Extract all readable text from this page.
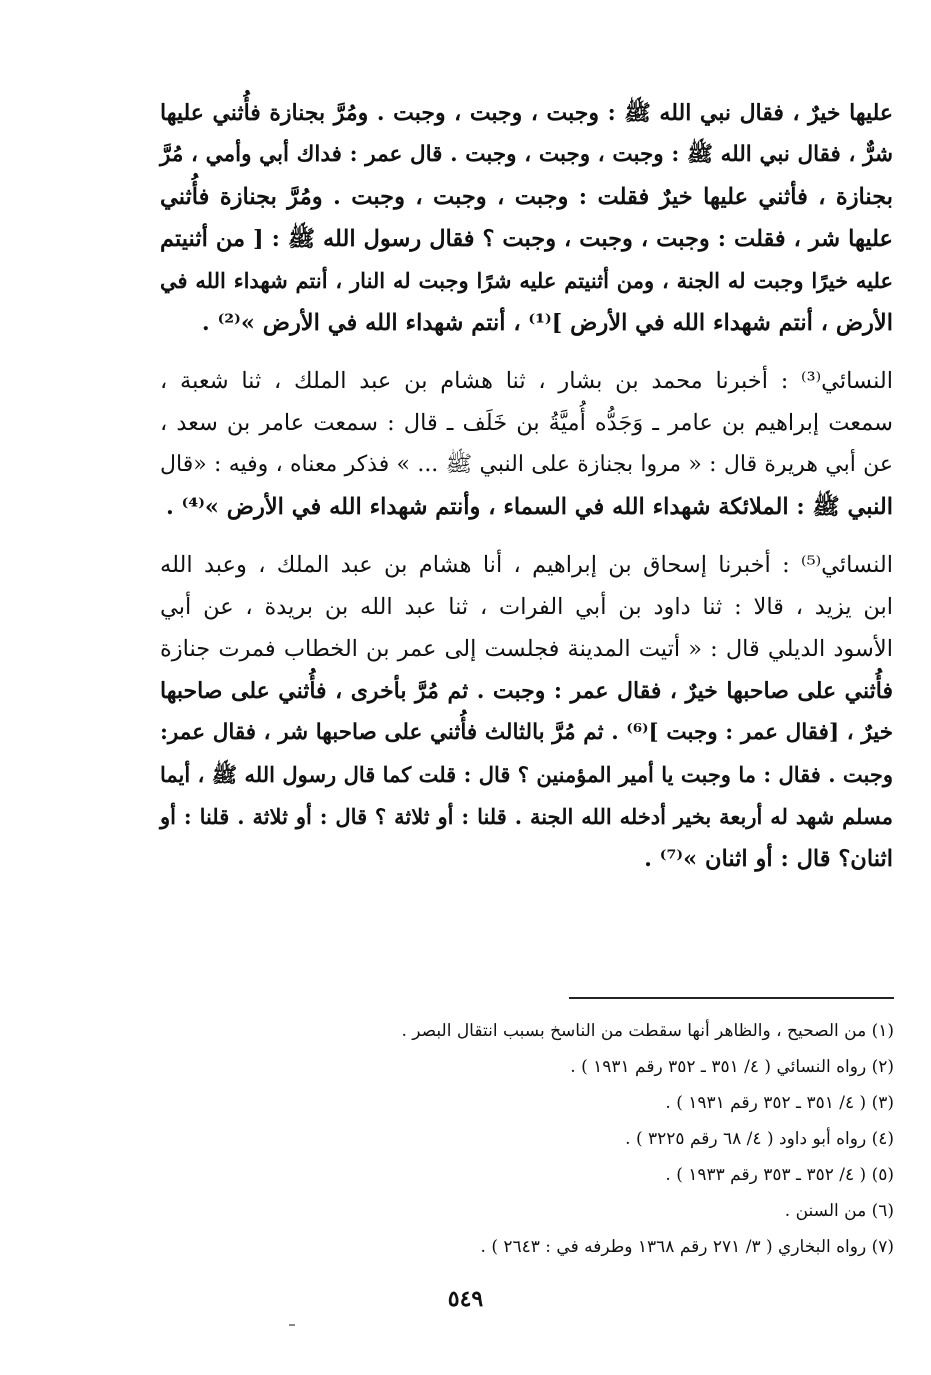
عليها خيرٌ ، فقال نبي الله ﷺ : وجبت ، وجبت ، وجبت . ومُرَّ بجنازة فأُثني عليها
شرٌّ ، فقال نبي الله ﷺ : وجبت ، وجبت ، وجبت . قال عمر : فداك أبي وأمي ، مُرَّ
بجنازة ، فأثني عليها خيرٌ فقلت : وجبت ، وجبت ، وجبت . ومُرَّ بجنازة فأُثني
عليها شر ، فقلت : وجبت ، وجبت ، وجبت ؟ فقال رسول الله ﷺ : [ من أثنيتم
عليه خيرًا وجبت له الجنة ، ومن أثنيتم عليه شرًا وجبت له النار ، أنتم شهداء الله في
الأرض ، أنتم شهداء الله في الأرض ]⁽¹⁾ ، أنتم شهداء الله في الأرض »⁽²⁾ .
النسائي⁽³⁾ : أخبرنا محمد بن بشار ، ثنا هشام بن عبد الملك ، ثنا شعبة ،
سمعت إبراهيم بن عامر ـ وَجَدُّه أُميَّةُ بن خَلَف ـ قال : سمعت عامر بن سعد ،
عن أبي هريرة قال : « مروا بجنازة على النبي ﷺ ... » فذكر معناه ، وفيه : «قال
النبي ﷺ : الملائكة شهداء الله في السماء ، وأنتم شهداء الله في الأرض »⁽⁴⁾ .
النسائي⁽⁵⁾ : أخبرنا إسحاق بن إبراهيم ، أنا هشام بن عبد الملك ، وعبد الله
ابن يزيد ، قالا : ثنا داود بن أبي الفرات ، ثنا عبد الله بن بريدة ، عن أبي
الأسود الديلي قال : « أتيت المدينة فجلست إلى عمر بن الخطاب فمرت جنازة
فأُثني على صاحبها خيرٌ ، فقال عمر : وجبت . ثم مُرَّ بأخرى ، فأُثني على صاحبها
خيرٌ ، [فقال عمر : وجبت ]⁽⁶⁾ . ثم مُرَّ بالثالث فأُثني على صاحبها شر ، فقال عمر:
وجبت . فقال : ما وجبت يا أمير المؤمنين ؟ قال : قلت كما قال رسول الله ﷺ ، أيما
مسلم شهد له أربعة بخير أدخله الله الجنة . قلنا : أو ثلاثة ؟ قال : أو ثلاثة . قلنا : أو
اثنان؟ قال : أو اثنان »⁽⁷⁾ .
(١) من الصحيح ، والظاهر أنها سقطت من الناسخ بسبب انتقال البصر .
(٢) رواه النسائي ( ٤/ ٣٥١ ـ ٣٥٢ رقم ١٩٣١ ) .
(٣) ( ٤/ ٣٥١ ـ ٣٥٢ رقم ١٩٣١ ) .
(٤) رواه أبو داود ( ٤/ ٦٨ رقم ٣٢٢٥ ) .
(٥) ( ٤/ ٣٥٢ ـ ٣٥٣ رقم ١٩٣٣ ) .
(٦) من السنن .
(٧) رواه البخاري ( ٣/ ٢٧١ رقم ١٣٦٨ وطرفه في : ٢٦٤٣ ) .
٥٤٩
